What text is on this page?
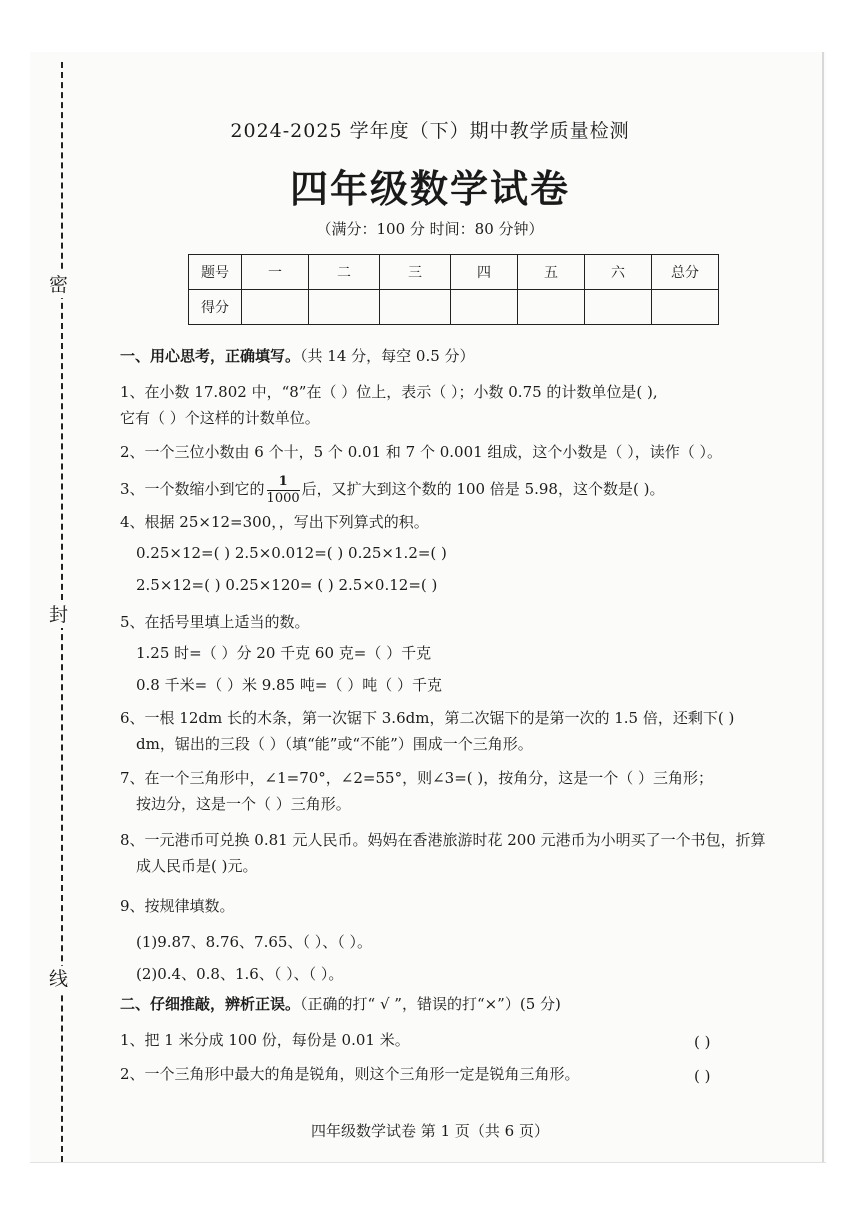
密
封
线
2024-2025 学年度（下）期中教学质量检测
四年级数学试卷
（满分：100 分 时间：80 分钟）
题号	一	二	三	四	五	六	总分
得分							
一、用心思考，正确填写。（共 14 分，每空 0.5 分）
1、在小数 17.802 中，“8”在（ ）位上，表示（ ）；小数 0.75 的计数单位是( ),
它有（ ）个这样的计数单位。
2、一个三位小数由 6 个十，5 个 0.01 和 7 个 0.001 组成，这个小数是（ ），读作（ ）。
3、一个数缩小到它的 $\frac{1}{1000}$ 后，又扩大到这个数的 100 倍是 5.98，这个数是( )。
4、根据 25×12=300，，写出下列算式的积。
0.25×12=( ) 2.5×0.012=( ) 0.25×1.2=( )
2.5×12=( ) 0.25×120= ( ) 2.5×0.12=( )
5、在括号里填上适当的数。
1.25 时=（ ）分 20 千克 60 克=（ ）千克
0.8 千米=（ ）米 9.85 吨=（ ）吨（ ）千克
6、一根 12dm 长的木条，第一次锯下 3.6dm，第二次锯下的是第一次的 1.5 倍，还剩下( )
dm，锯出的三段（ ）（填“能”或“不能”）围成一个三角形。
7、在一个三角形中，∠1=70°，∠2=55°，则∠3=( )，按角分，这是一个（ ）三角形；
按边分，这是一个（ ）三角形。
8、一元港币可兑换 0.81 元人民币。妈妈在香港旅游时花 200 元港币为小明买了一个书包，折算
成人民币是( )元。
9、按规律填数。
(1)9.87、8.76、7.65、（ ）、（ ）。
(2)0.4、0.8、1.6、（ ）、（ ）。
二、仔细推敲，辨析正误。（正确的打“ √ ”，错误的打“×”）(5 分)
1、把 1 米分成 100 份，每份是 0.01 米。	( )
2、一个三角形中最大的角是锐角，则这个三角形一定是锐角三角形。	( )
四年级数学试卷 第 1 页（共 6 页）
